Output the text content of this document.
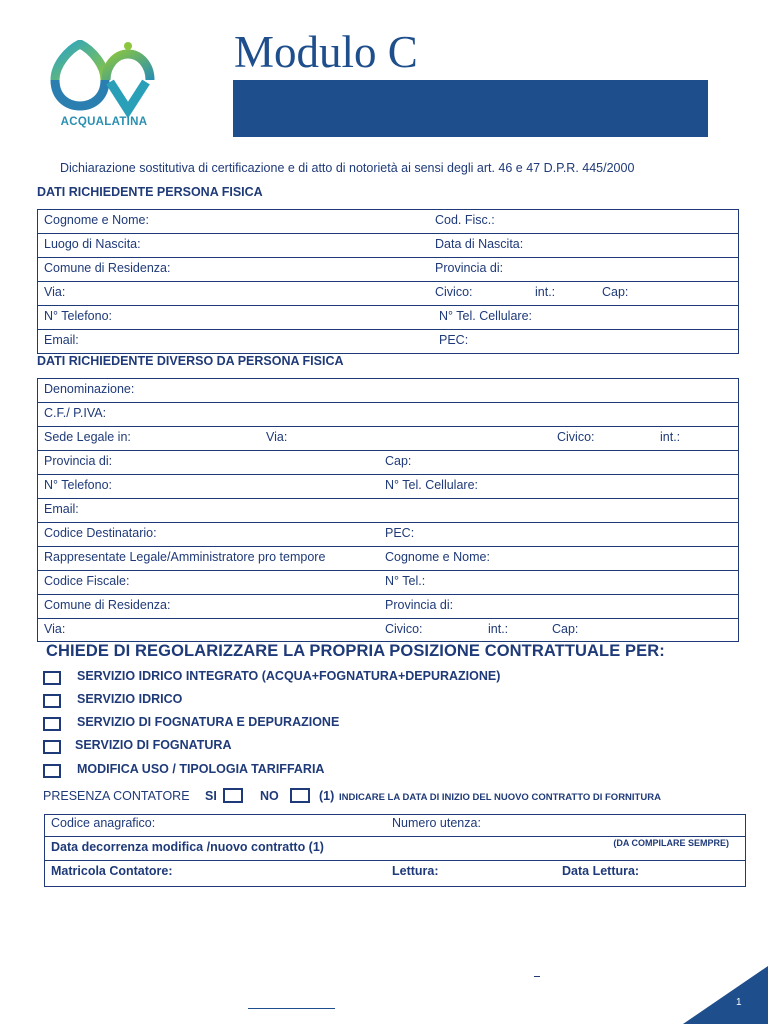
ACQUALATINA
Modulo C
Dichiarazione sostitutiva di certificazione e di atto di notorietà ai sensi degli art. 46 e 47 D.P.R. 445/2000
DATI RICHIEDENTE PERSONA FISICA
Cognome e Nome:	Cod. Fisc.:
Luogo di Nascita:	Data di Nascita:
Comune di Residenza:	Provincia di:
Via:	Civico:	int.:	Cap:
N° Telefono:	N° Tel. Cellulare:
Email:	PEC:
DATI RICHIEDENTE DIVERSO DA PERSONA FISICA
Denominazione:
C.F./ P.IVA:
Sede Legale in:	Via:	Civico:	int.:
Provincia di:	Cap:
N° Telefono:	N° Tel. Cellulare:
Email:
Codice Destinatario:	PEC:
Rappresentate Legale/Amministratore pro tempore	Cognome e Nome:
Codice Fiscale:	N° Tel.:
Comune di Residenza:	Provincia di:
Via:	Civico:	int.:	Cap:
CHIEDE DI REGOLARIZZARE LA PROPRIA POSIZIONE CONTRATTUALE PER:
SERVIZIO IDRICO INTEGRATO (ACQUA+FOGNATURA+DEPURAZIONE)
SERVIZIO IDRICO
SERVIZIO DI FOGNATURA E DEPURAZIONE
SERVIZIO DI FOGNATURA
MODIFICA USO / TIPOLOGIA TARIFFARIA
PRESENZA CONTATORE SI	NO	(1) INDICARE LA DATA DI INIZIO DEL NUOVO CONTRATTO DI FORNITURA
Codice anagrafico:	Numero utenza:
Data decorrenza modifica /nuovo contratto (1)	(DA COMPILARE SEMPRE)
Matricola Contatore:	Lettura:	Data Lettura:
1
